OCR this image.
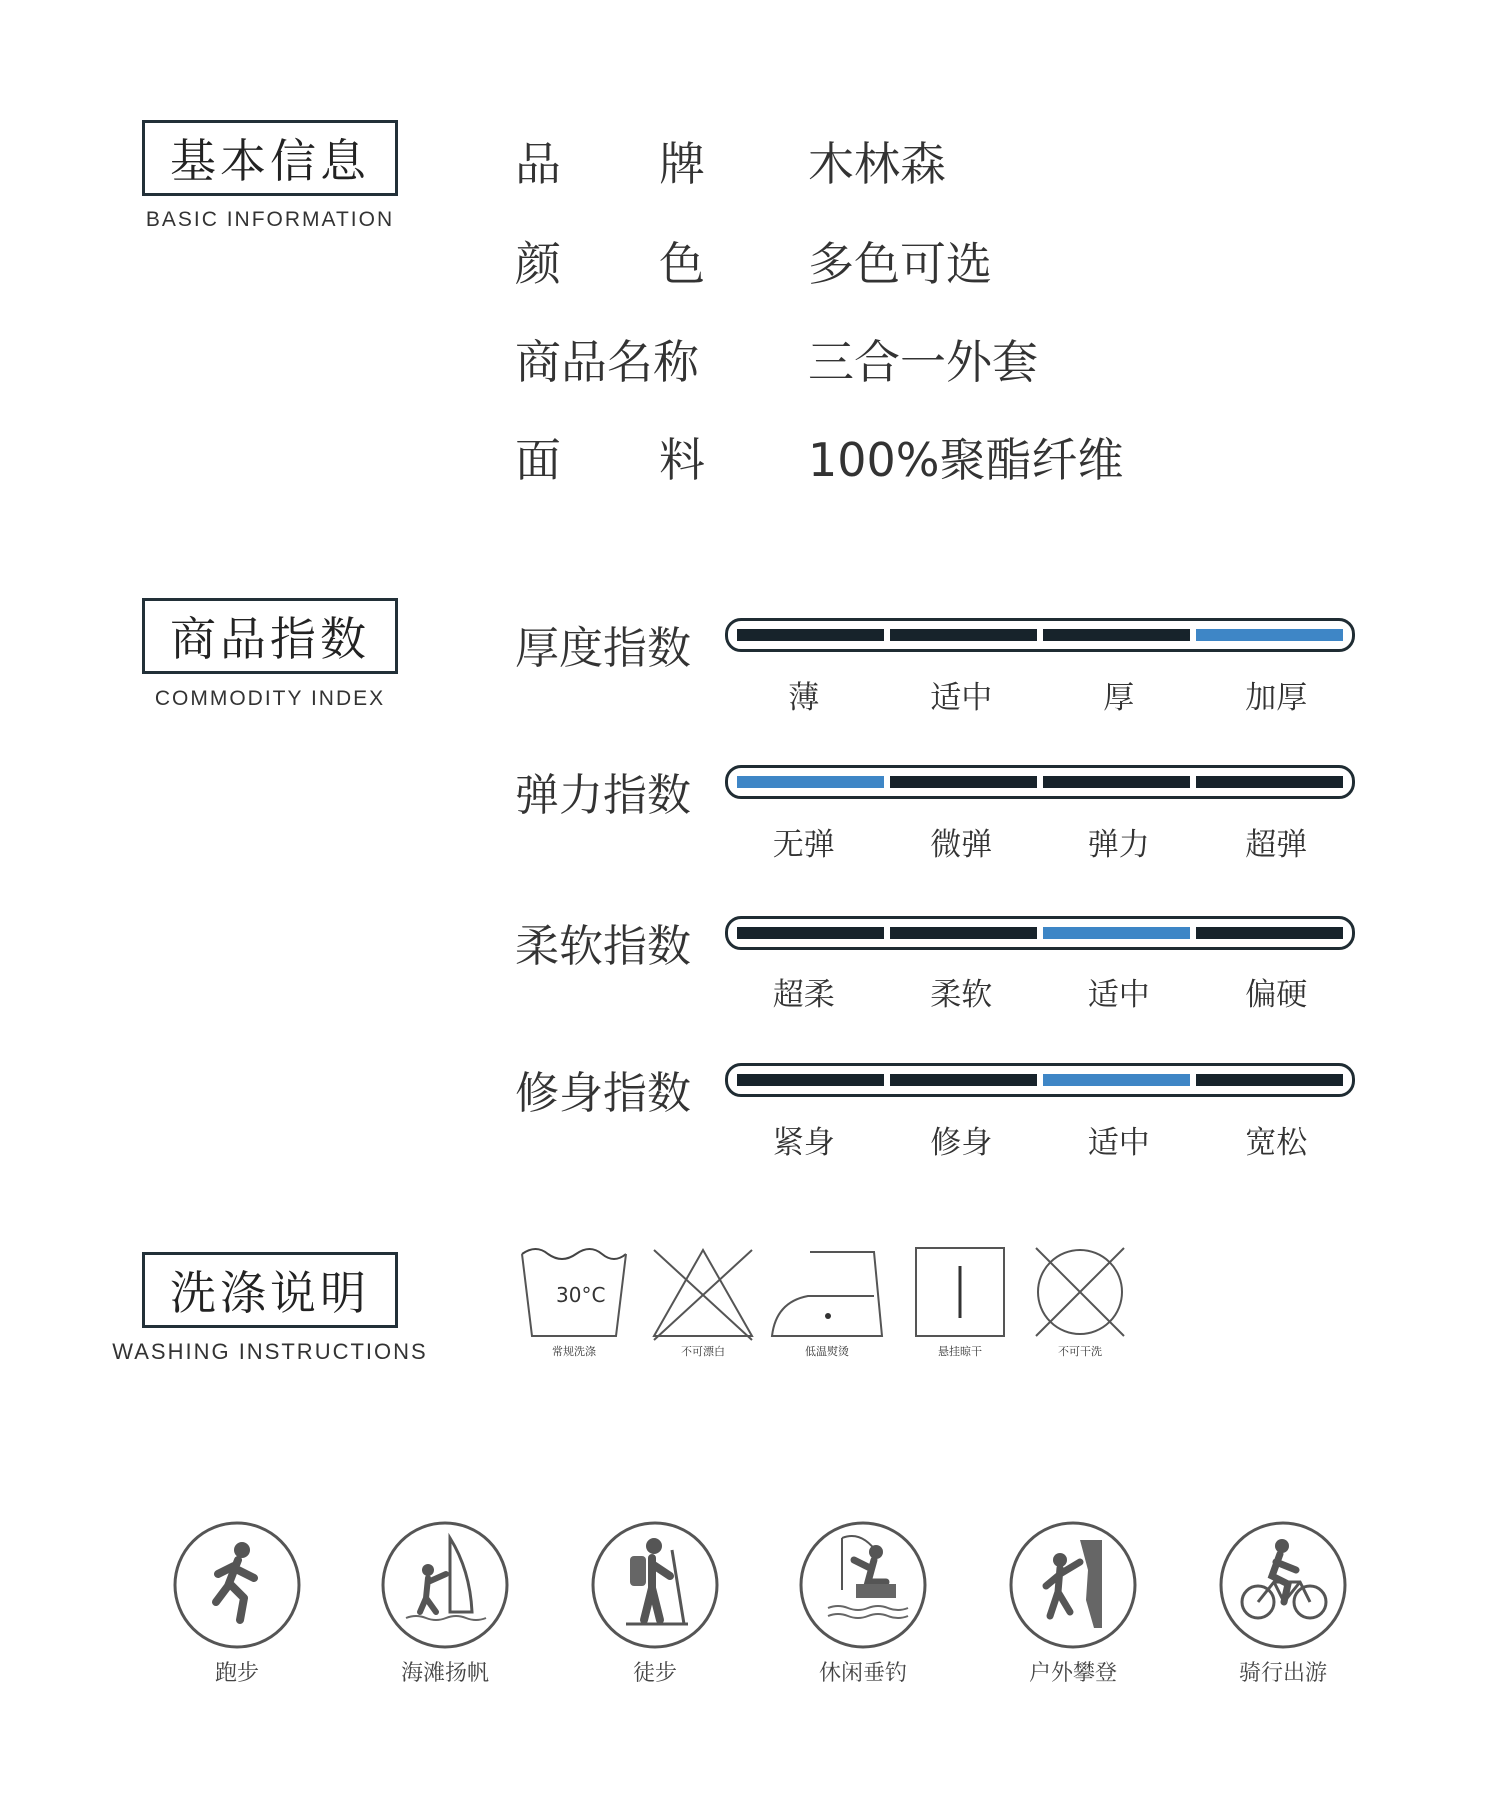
基本信息
BASIC INFORMATION
品 牌 木林森
颜 色 多色可选
商品名称 三合一外套
面 料 100%聚酯纤维
商品指数
COMMODITY INDEX
厚度指数
薄	适中	厚	加厚
弹力指数
无弹	微弹	弹力	超弹
柔软指数
超柔	柔软	适中	偏硬
修身指数
紧身	修身	适中	宽松
洗涤说明
WASHING INSTRUCTIONS
30°C
常规洗涤	不可漂白	低温熨烫	悬挂晾干	不可干洗
跑步	海滩扬帆	徒步	休闲垂钓	户外攀登	骑行出游
